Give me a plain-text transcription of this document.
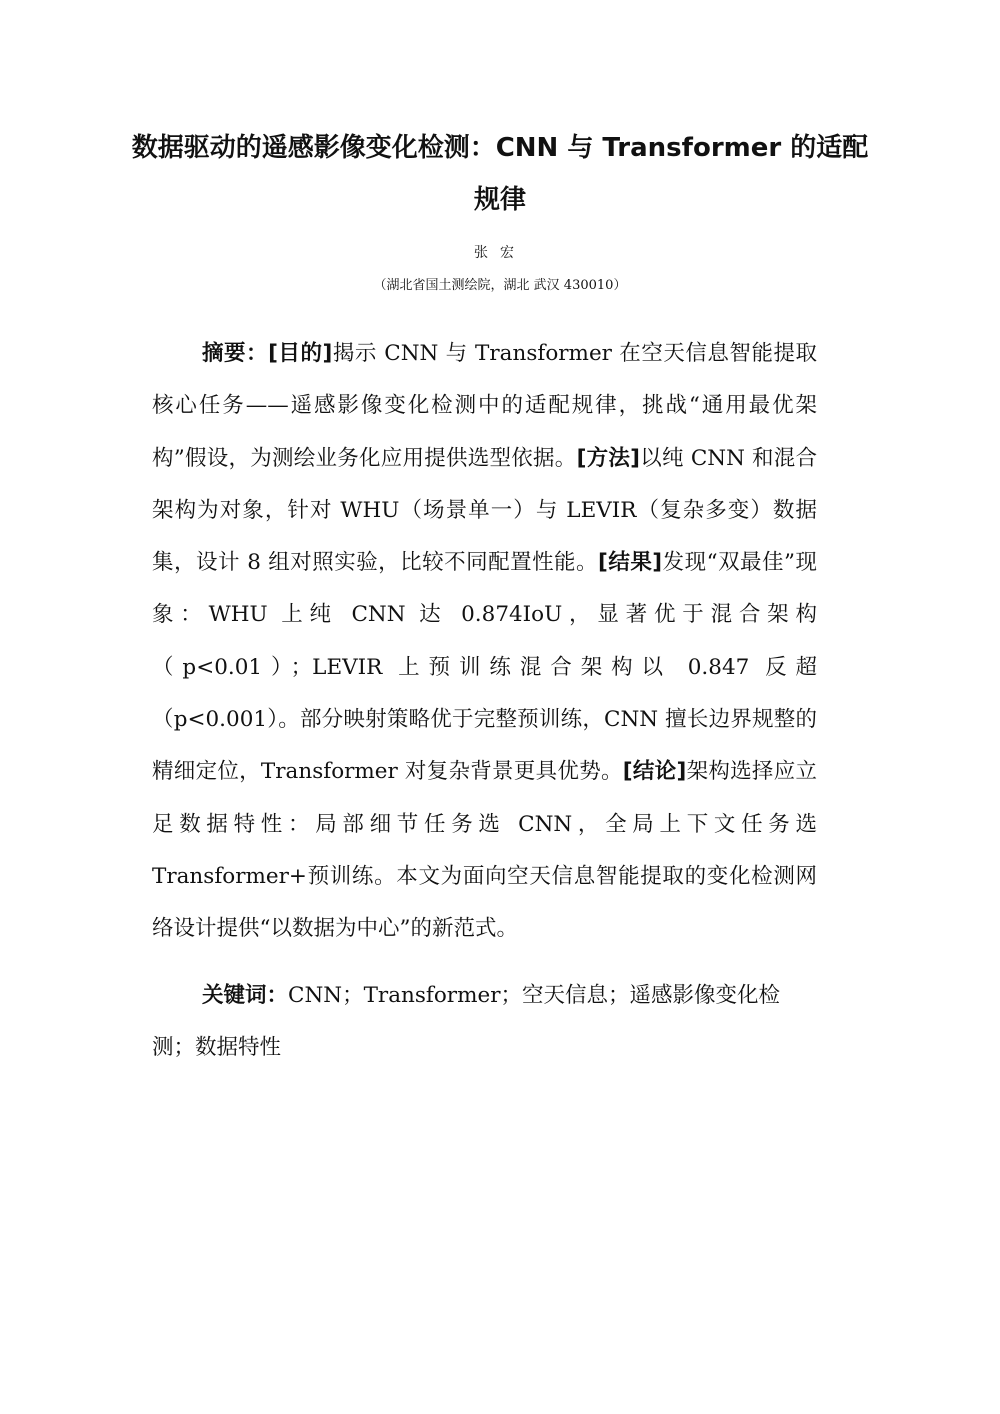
数据驱动的遥感影像变化检测：CNN 与 Transformer 的适配规律

张宏

（湖北省国土测绘院，湖北 武汉 430010）

摘要：[目的]揭示 CNN 与 Transformer 在空天信息智能提取核心任务——遥感影像变化检测中的适配规律，挑战“通用最优架构”假设，为测绘业务化应用提供选型依据。[方法]以纯 CNN 和混合架构为对象，针对 WHU（场景单一）与 LEVIR（复杂多变）数据集，设计 8 组对照实验，比较不同配置性能。[结果]发现“双最佳”现象：WHU 上纯 CNN 达 0.874IoU，显著优于混合架构（p<0.01）；LEVIR 上预训练混合架构以 0.847 反超（p<0.001）。部分映射策略优于完整预训练，CNN 擅长边界规整的精细定位，Transformer 对复杂背景更具优势。[结论]架构选择应立足数据特性：局部细节任务选 CNN，全局上下文任务选 Transformer+预训练。本文为面向空天信息智能提取的变化检测网络设计提供“以数据为中心”的新范式。

关键词：CNN；Transformer；空天信息；遥感影像变化检测；数据特性
